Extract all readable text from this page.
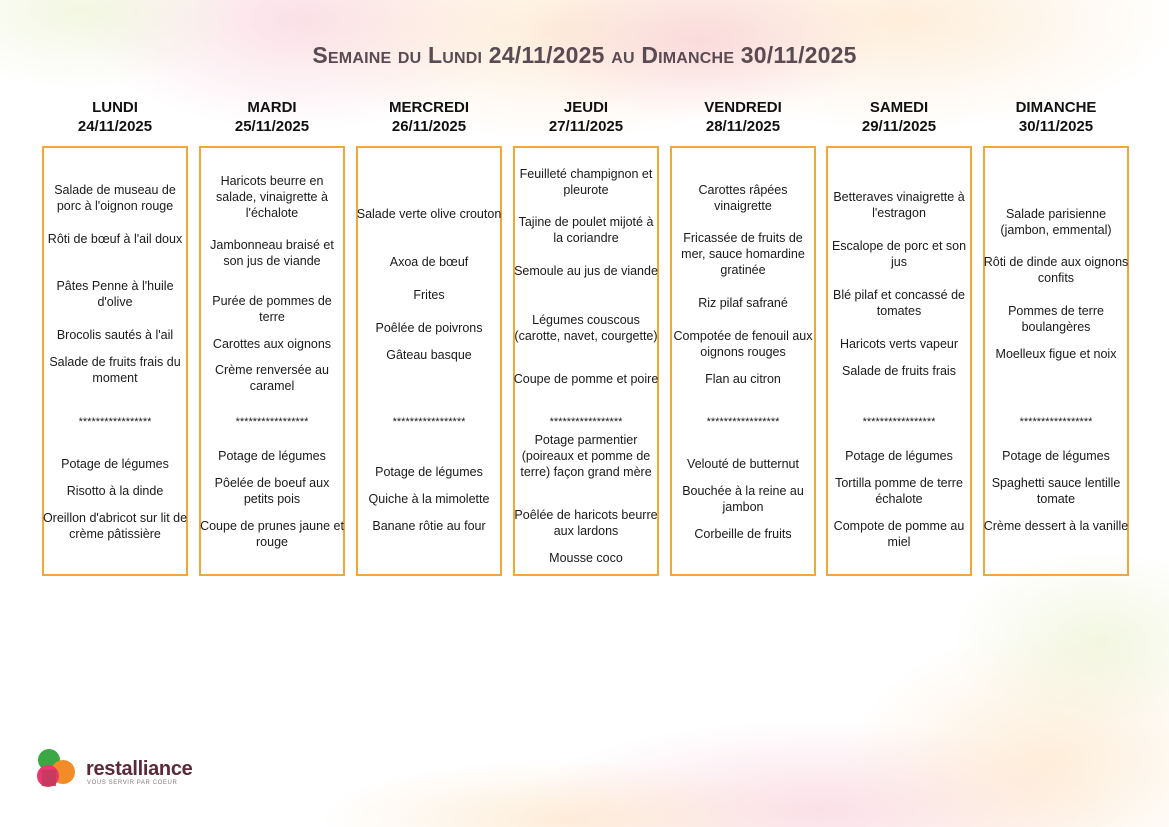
Semaine du Lundi 24/11/2025 au Dimanche 30/11/2025
LUNDI
24/11/2025
Salade de museau de porc à l'oignon rouge
Rôti de bœuf à l'ail doux
Pâtes Penne à l'huile d'olive
Brocolis sautés à l'ail
Salade de fruits frais du moment
*****************
Potage de légumes
Risotto à la dinde
Oreillon d'abricot sur lit de crème pâtissière
MARDI
25/11/2025
Haricots beurre en salade, vinaigrette à l'échalote
Jambonneau braisé et son jus de viande
Purée de pommes de terre
Carottes aux oignons
Crème renversée au caramel
*****************
Potage de légumes
Pôelée de boeuf aux petits pois
Coupe de prunes jaune et rouge
MERCREDI
26/11/2025
Salade verte olive crouton
Axoa de bœuf
Frites
Poêlée de poivrons
Gâteau basque
*****************
Potage de légumes
Quiche à la mimolette
Banane rôtie au four
JEUDI
27/11/2025
Feuilleté champignon et pleurote
Tajine de poulet mijoté à la coriandre
Semoule au jus de viande
Légumes couscous (carotte, navet, courgette)
Coupe de pomme et poire
*****************
Potage parmentier (poireaux et pomme de terre) façon grand mère
Poêlée de haricots beurre aux lardons
Mousse coco
VENDREDI
28/11/2025
Carottes râpées vinaigrette
Fricassée de fruits de mer, sauce homardine gratinée
Riz pilaf safrané
Compotée de fenouil aux oignons rouges
Flan au citron
*****************
Velouté de butternut
Bouchée à la reine au jambon
Corbeille de fruits
SAMEDI
29/11/2025
Betteraves vinaigrette à l'estragon
Escalope de porc et son jus
Blé pilaf et concassé de tomates
Haricots verts vapeur
Salade de fruits frais
*****************
Potage de légumes
Tortilla pomme de terre échalote
Compote de pomme au miel
DIMANCHE
30/11/2025
Salade parisienne (jambon, emmental)
Rôti de dinde aux oignons confits
Pommes de terre boulangères
Moelleux figue et noix
*****************
Potage de légumes
Spaghetti sauce lentille tomate
Crème dessert à la vanille
restalliance
VOUS SERVIR PAR COEUR
